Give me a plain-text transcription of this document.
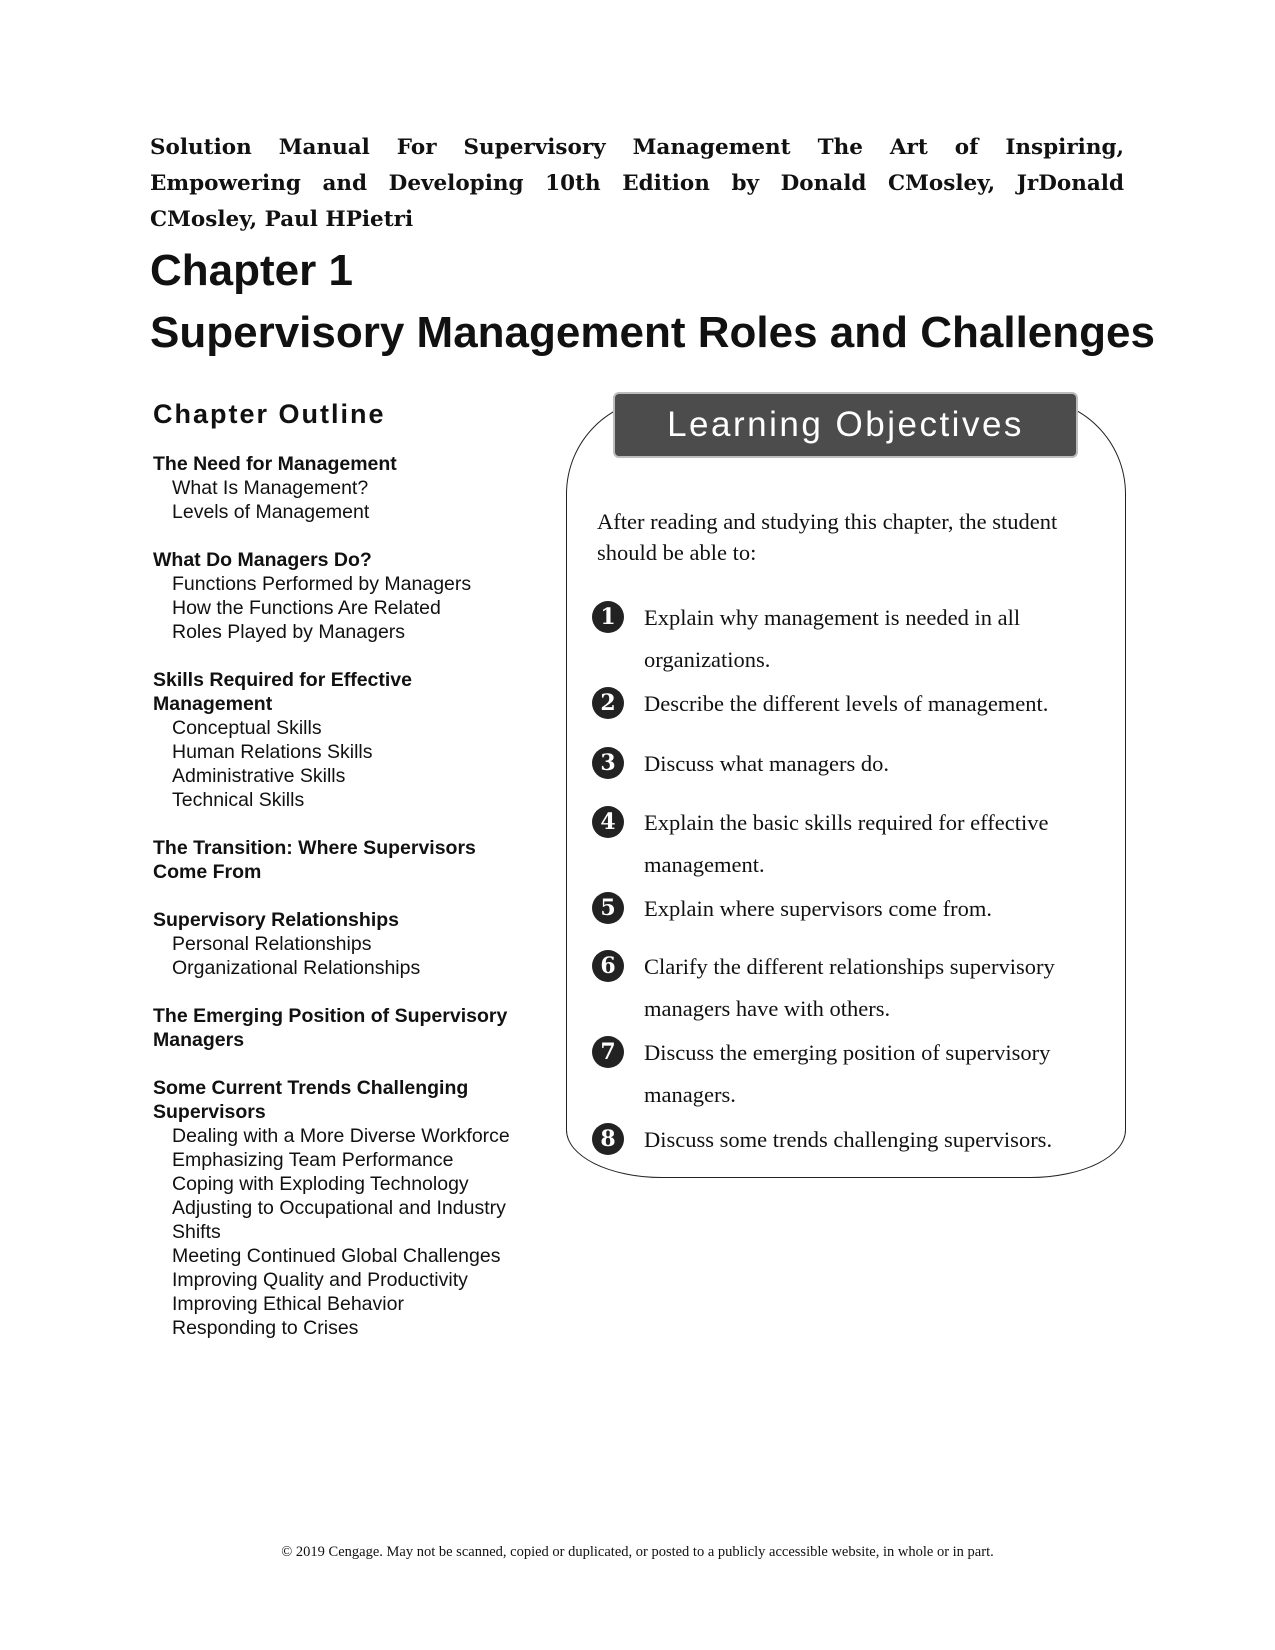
Solution Manual For Supervisory Management The Art of Inspiring, Empowering and Developing 10th Edition by Donald CMosley, JrDonald CMosley, Paul HPietri
Chapter 1
Supervisory Management Roles and Challenges
Chapter Outline
The Need for Management
What Is Management?
Levels of Management
What Do Managers Do?
Functions Performed by Managers
How the Functions Are Related
Roles Played by Managers
Skills Required for Effective Management
Conceptual Skills
Human Relations Skills
Administrative Skills
Technical Skills
The Transition: Where Supervisors Come From
Supervisory Relationships
Personal Relationships
Organizational Relationships
The Emerging Position of Supervisory Managers
Some Current Trends Challenging Supervisors
Dealing with a More Diverse Workforce
Emphasizing Team Performance
Coping with Exploding Technology
Adjusting to Occupational and Industry Shifts
Meeting Continued Global Challenges
Improving Quality and Productivity
Improving Ethical Behavior
Responding to Crises
Learning Objectives
After reading and studying this chapter, the student should be able to:
1	Explain why management is needed in all organizations.
2	Describe the different levels of management.
3	Discuss what managers do.
4	Explain the basic skills required for effective management.
5	Explain where supervisors come from.
6	Clarify the different relationships supervisory managers have with others.
7	Discuss the emerging position of supervisory managers.
8	Discuss some trends challenging supervisors.
© 2019 Cengage. May not be scanned, copied or duplicated, or posted to a publicly accessible website, in whole or in part.
